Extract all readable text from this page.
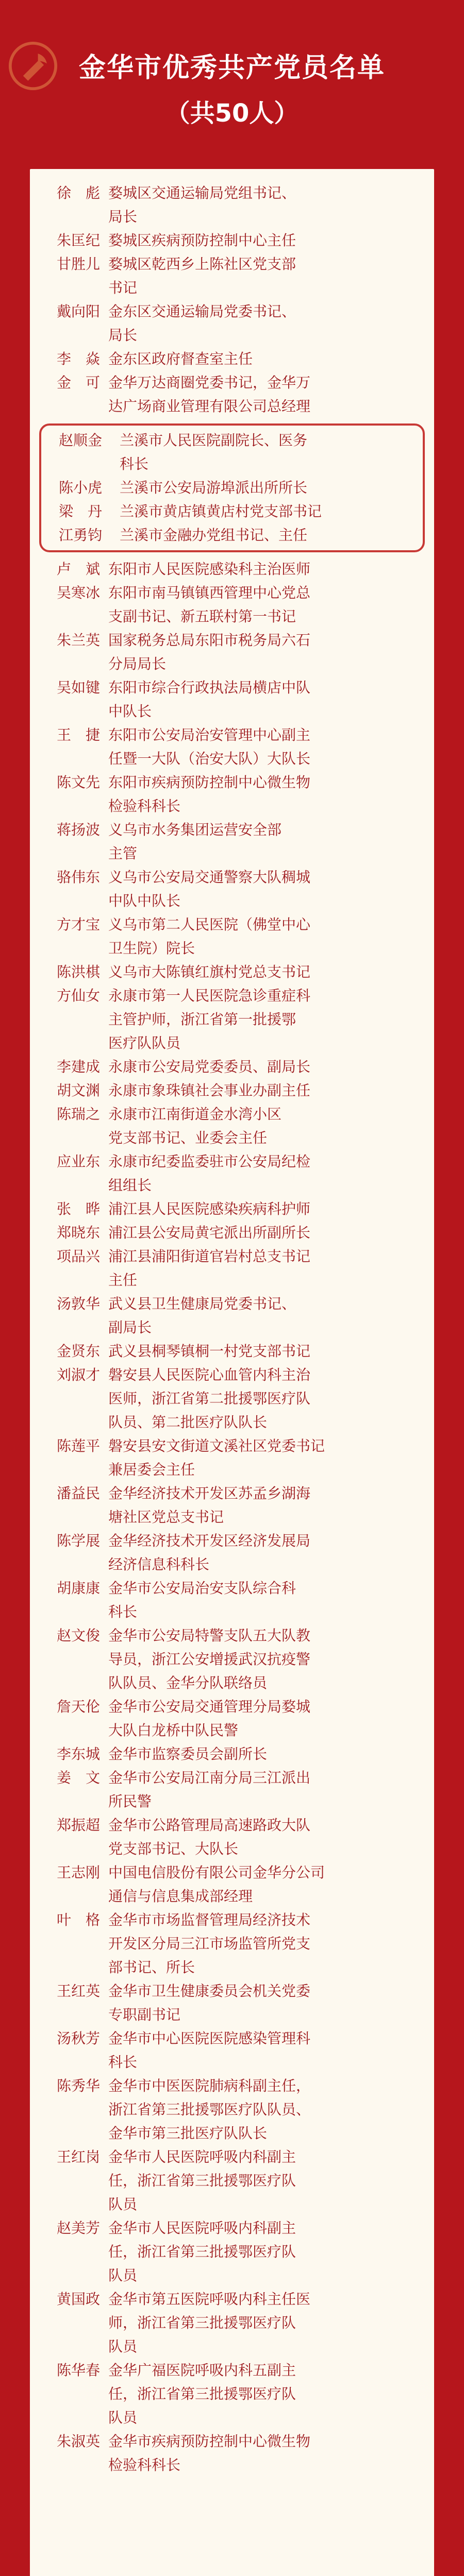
金华市优秀共产党员名单
（共50人）
徐　彪 婺城区交通运输局党组书记、
局长
朱匡纪 婺城区疾病预防控制中心主任
甘胜儿 婺城区乾西乡上陈社区党支部
书记
戴向阳 金东区交通运输局党委书记、
局长
李　焱 金东区政府督查室主任
金　可 金华万达商圈党委书记，金华万
达广场商业管理有限公司总经理
赵顺金	兰溪市人民医院副院长、医务
科长
陈小虎	兰溪市公安局游埠派出所所长
梁　丹	兰溪市黄店镇黄店村党支部书记
江勇钧	兰溪市金融办党组书记、主任
卢　斌 东阳市人民医院感染科主治医师
吴寒冰 东阳市南马镇镇西管理中心党总
支副书记、新五联村第一书记
朱兰英 国家税务总局东阳市税务局六石
分局局长
吴如键 东阳市综合行政执法局横店中队
中队长
王　捷 东阳市公安局治安管理中心副主
任暨一大队（治安大队）大队长
陈文先 东阳市疾病预防控制中心微生物
检验科科长
蒋扬波 义乌市水务集团运营安全部
主管
骆伟东 义乌市公安局交通警察大队稠城
中队中队长
方才宝 义乌市第二人民医院（佛堂中心
卫生院）院长
陈洪棋 义乌市大陈镇红旗村党总支书记
方仙女 永康市第一人民医院急诊重症科
主管护师，浙江省第一批援鄂
医疗队队员
李建成 永康市公安局党委委员、副局长
胡文渊 永康市象珠镇社会事业办副主任
陈瑞之 永康市江南街道金水湾小区
党支部书记、业委会主任
应业东 永康市纪委监委驻市公安局纪检
组组长
张　晔 浦江县人民医院感染疾病科护师
郑晓东 浦江县公安局黄宅派出所副所长
项品兴 浦江县浦阳街道官岩村总支书记
主任
汤敦华 武义县卫生健康局党委书记、
副局长
金贤东 武义县桐琴镇桐一村党支部书记
刘淑才 磐安县人民医院心血管内科主治
医师，浙江省第二批援鄂医疗队
队员、第二批医疗队队长
陈莲平 磐安县安文街道文溪社区党委书记
兼居委会主任
潘益民 金华经济技术开发区苏孟乡湖海
塘社区党总支书记
陈学展 金华经济技术开发区经济发展局
经济信息科科长
胡康康 金华市公安局治安支队综合科
科长
赵文俊 金华市公安局特警支队五大队教
导员，浙江公安增援武汉抗疫警
队队员、金华分队联络员
詹天伦 金华市公安局交通管理分局婺城
大队白龙桥中队民警
李东城 金华市监察委员会副所长
姜　文 金华市公安局江南分局三江派出
所民警
郑振超 金华市公路管理局高速路政大队
党支部书记、大队长
王志刚 中国电信股份有限公司金华分公司
通信与信息集成部经理
叶　格 金华市市场监督管理局经济技术
开发区分局三江市场监管所党支
部书记、所长
王红英 金华市卫生健康委员会机关党委
专职副书记
汤秋芳 金华市中心医院医院感染管理科
科长
陈秀华 金华市中医医院肺病科副主任，
浙江省第三批援鄂医疗队队员、
金华市第三批医疗队队长
王红岗 金华市人民医院呼吸内科副主
任，浙江省第三批援鄂医疗队
队员
赵美芳 金华市人民医院呼吸内科副主
任，浙江省第三批援鄂医疗队
队员
黄国政 金华市第五医院呼吸内科主任医
师，浙江省第三批援鄂医疗队
队员
陈华春 金华广福医院呼吸内科五副主
任，浙江省第三批援鄂医疗队
队员
朱淑英 金华市疾病预防控制中心微生物
检验科科长
